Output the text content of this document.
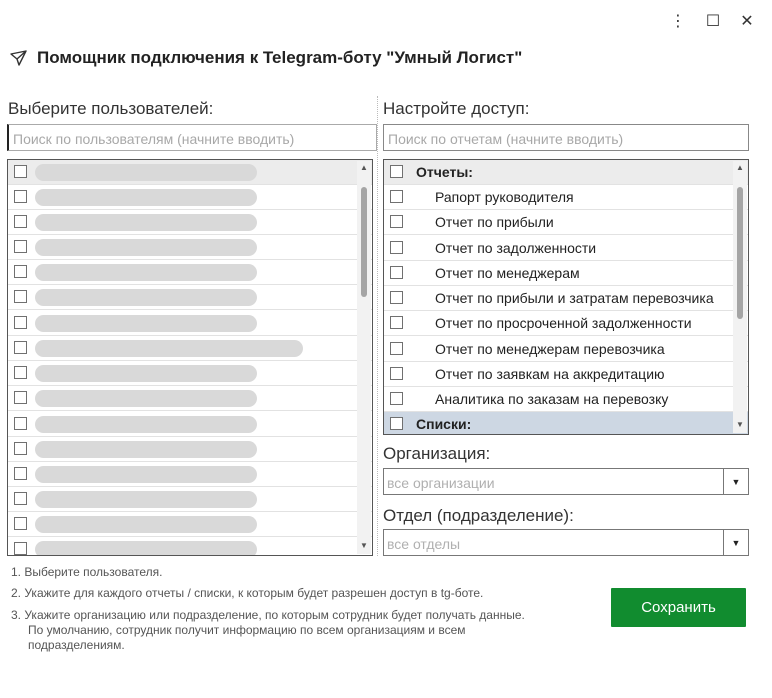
⋮ ☐ ✕
Помощник подключения к Telegram-боту "Умный Логист"
Выберите пользователей:
Поиск по пользователям (начните вводить)
▲
▼
Настройте доступ:
Поиск по отчетам (начните вводить)
Отчеты:
Рапорт руководителя
Отчет по прибыли
Отчет по задолженности
Отчет по менеджерам
Отчет по прибыли и затратам перевозчика
Отчет по просроченной задолженности
Отчет по менеджерам перевозчика
Отчет по заявкам на аккредитацию
Аналитика по заказам на перевозку
Списки:
▲
▼
Организация:
все организации	▼
Отдел (подразделение):
все отделы	▼
1. Выберите пользователя.
2. Укажите для каждого отчеты / списки, к которым будет разрешен доступ в tg-боте.
3. Укажите организацию или подразделение, по которым сотрудник будет получать данные.
По умолчанию, сотрудник получит информацию по всем организациям и всем
подразделениям.
Сохранить
